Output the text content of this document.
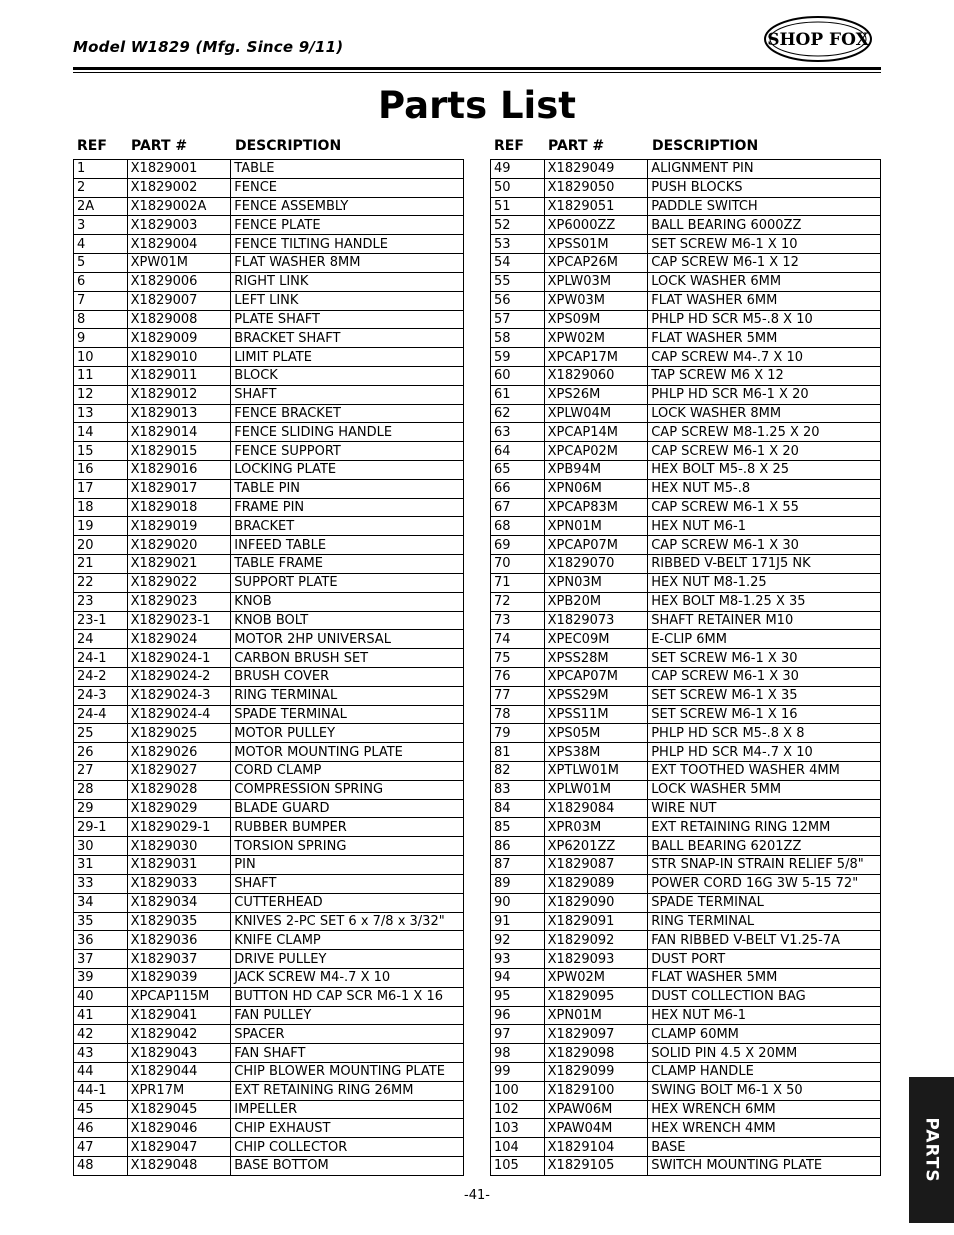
Model W1829 (Mfg. Since 9/11)	SHOP FOX
Parts List
REF PART #	DESCRIPTION	REF PART #	DESCRIPTION
1	X1829001	TABLE
2	X1829002	FENCE
2A	X1829002A	FENCE ASSEMBLY
3	X1829003	FENCE PLATE
4	X1829004	FENCE TILTING HANDLE
5	XPW01M	FLAT WASHER 8MM
6	X1829006	RIGHT LINK
7	X1829007	LEFT LINK
8	X1829008	PLATE SHAFT
9	X1829009	BRACKET SHAFT
10	X1829010	LIMIT PLATE
11	X1829011	BLOCK
12	X1829012	SHAFT
13	X1829013	FENCE BRACKET
14	X1829014	FENCE SLIDING HANDLE
15	X1829015	FENCE SUPPORT
16	X1829016	LOCKING PLATE
17	X1829017	TABLE PIN
18	X1829018	FRAME PIN
19	X1829019	BRACKET
20	X1829020	INFEED TABLE
21	X1829021	TABLE FRAME
22	X1829022	SUPPORT PLATE
23	X1829023	KNOB
23-1	X1829023-1	KNOB BOLT
24	X1829024	MOTOR 2HP UNIVERSAL
24-1	X1829024-1	CARBON BRUSH SET
24-2	X1829024-2	BRUSH COVER
24-3	X1829024-3	RING TERMINAL
24-4	X1829024-4	SPADE TERMINAL
25	X1829025	MOTOR PULLEY
26	X1829026	MOTOR MOUNTING PLATE
27	X1829027	CORD CLAMP
28	X1829028	COMPRESSION SPRING
29	X1829029	BLADE GUARD
29-1	X1829029-1	RUBBER BUMPER
30	X1829030	TORSION SPRING
31	X1829031	PIN
33	X1829033	SHAFT
34	X1829034	CUTTERHEAD
35	X1829035	KNIVES 2-PC SET 6 x 7/8 x 3/32"
36	X1829036	KNIFE CLAMP
37	X1829037	DRIVE PULLEY
39	X1829039	JACK SCREW M4-.7 X 10
40	XPCAP115M	BUTTON HD CAP SCR M6-1 X 16
41	X1829041	FAN PULLEY
42	X1829042	SPACER
43	X1829043	FAN SHAFT
44	X1829044	CHIP BLOWER MOUNTING PLATE
44-1	XPR17M	EXT RETAINING RING 26MM
45	X1829045	IMPELLER
46	X1829046	CHIP EXHAUST
47	X1829047	CHIP COLLECTOR
48	X1829048	BASE BOTTOM
49	X1829049	ALIGNMENT PIN
50	X1829050	PUSH BLOCKS
51	X1829051	PADDLE SWITCH
52	XP6000ZZ	BALL BEARING 6000ZZ
53	XPSS01M	SET SCREW M6-1 X 10
54	XPCAP26M	CAP SCREW M6-1 X 12
55	XPLW03M	LOCK WASHER 6MM
56	XPW03M	FLAT WASHER 6MM
57	XPS09M	PHLP HD SCR M5-.8 X 10
58	XPW02M	FLAT WASHER 5MM
59	XPCAP17M	CAP SCREW M4-.7 X 10
60	X1829060	TAP SCREW M6 X 12
61	XPS26M	PHLP HD SCR M6-1 X 20
62	XPLW04M	LOCK WASHER 8MM
63	XPCAP14M	CAP SCREW M8-1.25 X 20
64	XPCAP02M	CAP SCREW M6-1 X 20
65	XPB94M	HEX BOLT M5-.8 X 25
66	XPN06M	HEX NUT M5-.8
67	XPCAP83M	CAP SCREW M6-1 X 55
68	XPN01M	HEX NUT M6-1
69	XPCAP07M	CAP SCREW M6-1 X 30
70	X1829070	RIBBED V-BELT 171J5 NK
71	XPN03M	HEX NUT M8-1.25
72	XPB20M	HEX BOLT M8-1.25 X 35
73	X1829073	SHAFT RETAINER M10
74	XPEC09M	E-CLIP 6MM
75	XPSS28M	SET SCREW M6-1 X 30
76	XPCAP07M	CAP SCREW M6-1 X 30
77	XPSS29M	SET SCREW M6-1 X 35
78	XPSS11M	SET SCREW M6-1 X 16
79	XPS05M	PHLP HD SCR M5-.8 X 8
81	XPS38M	PHLP HD SCR M4-.7 X 10
82	XPTLW01M	EXT TOOTHED WASHER 4MM
83	XPLW01M	LOCK WASHER 5MM
84	X1829084	WIRE NUT
85	XPR03M	EXT RETAINING RING 12MM
86	XP6201ZZ	BALL BEARING 6201ZZ
87	X1829087	STR SNAP-IN STRAIN RELIEF 5/8"
89	X1829089	POWER CORD 16G 3W 5-15 72"
90	X1829090	SPADE TERMINAL
91	X1829091	RING TERMINAL
92	X1829092	FAN RIBBED V-BELT V1.25-7A
93	X1829093	DUST PORT
94	XPW02M	FLAT WASHER 5MM
95	X1829095	DUST COLLECTION BAG
96	XPN01M	HEX NUT M6-1
97	X1829097	CLAMP 60MM
98	X1829098	SOLID PIN 4.5 X 20MM
99	X1829099	CLAMP HANDLE
100	X1829100	SWING BOLT M6-1 X 50
102	XPAW06M	HEX WRENCH 6MM
103	XPAW04M	HEX WRENCH 4MM
104	X1829104	BASE
105	X1829105	SWITCH MOUNTING PLATE	PARTS
-41-
